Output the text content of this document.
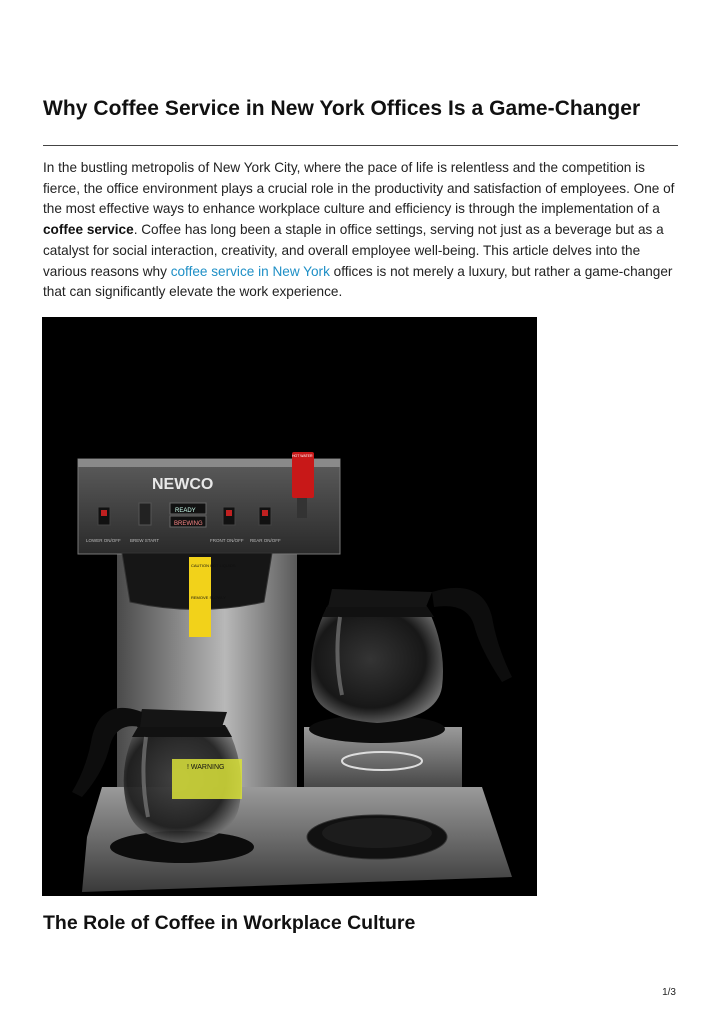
Why Coffee Service in New York Offices Is a Game-Changer

In the bustling metropolis of New York City, where the pace of life is relentless and the competition is fierce, the office environment plays a crucial role in the productivity and satisfaction of employees. One of the most effective ways to enhance workplace culture and efficiency is through the implementation of a coffee service. Coffee has long been a staple in office settings, serving not just as a beverage but as a catalyst for social interaction, creativity, and overall employee well-being. This article delves into the various reasons why coffee service in New York offices is not merely a luxury, but rather a game-changer that can significantly elevate the work experience.

NEWCO
READY
BREWING
LOWER ON/OFF BREW START	FRONT ON/OFF REAR ON/OFF
HOT WATER
CAUTION HOT LIQUIDS
REMOVE SLOWLY
! WARNING
The Role of Coffee in Workplace Culture
1/3
